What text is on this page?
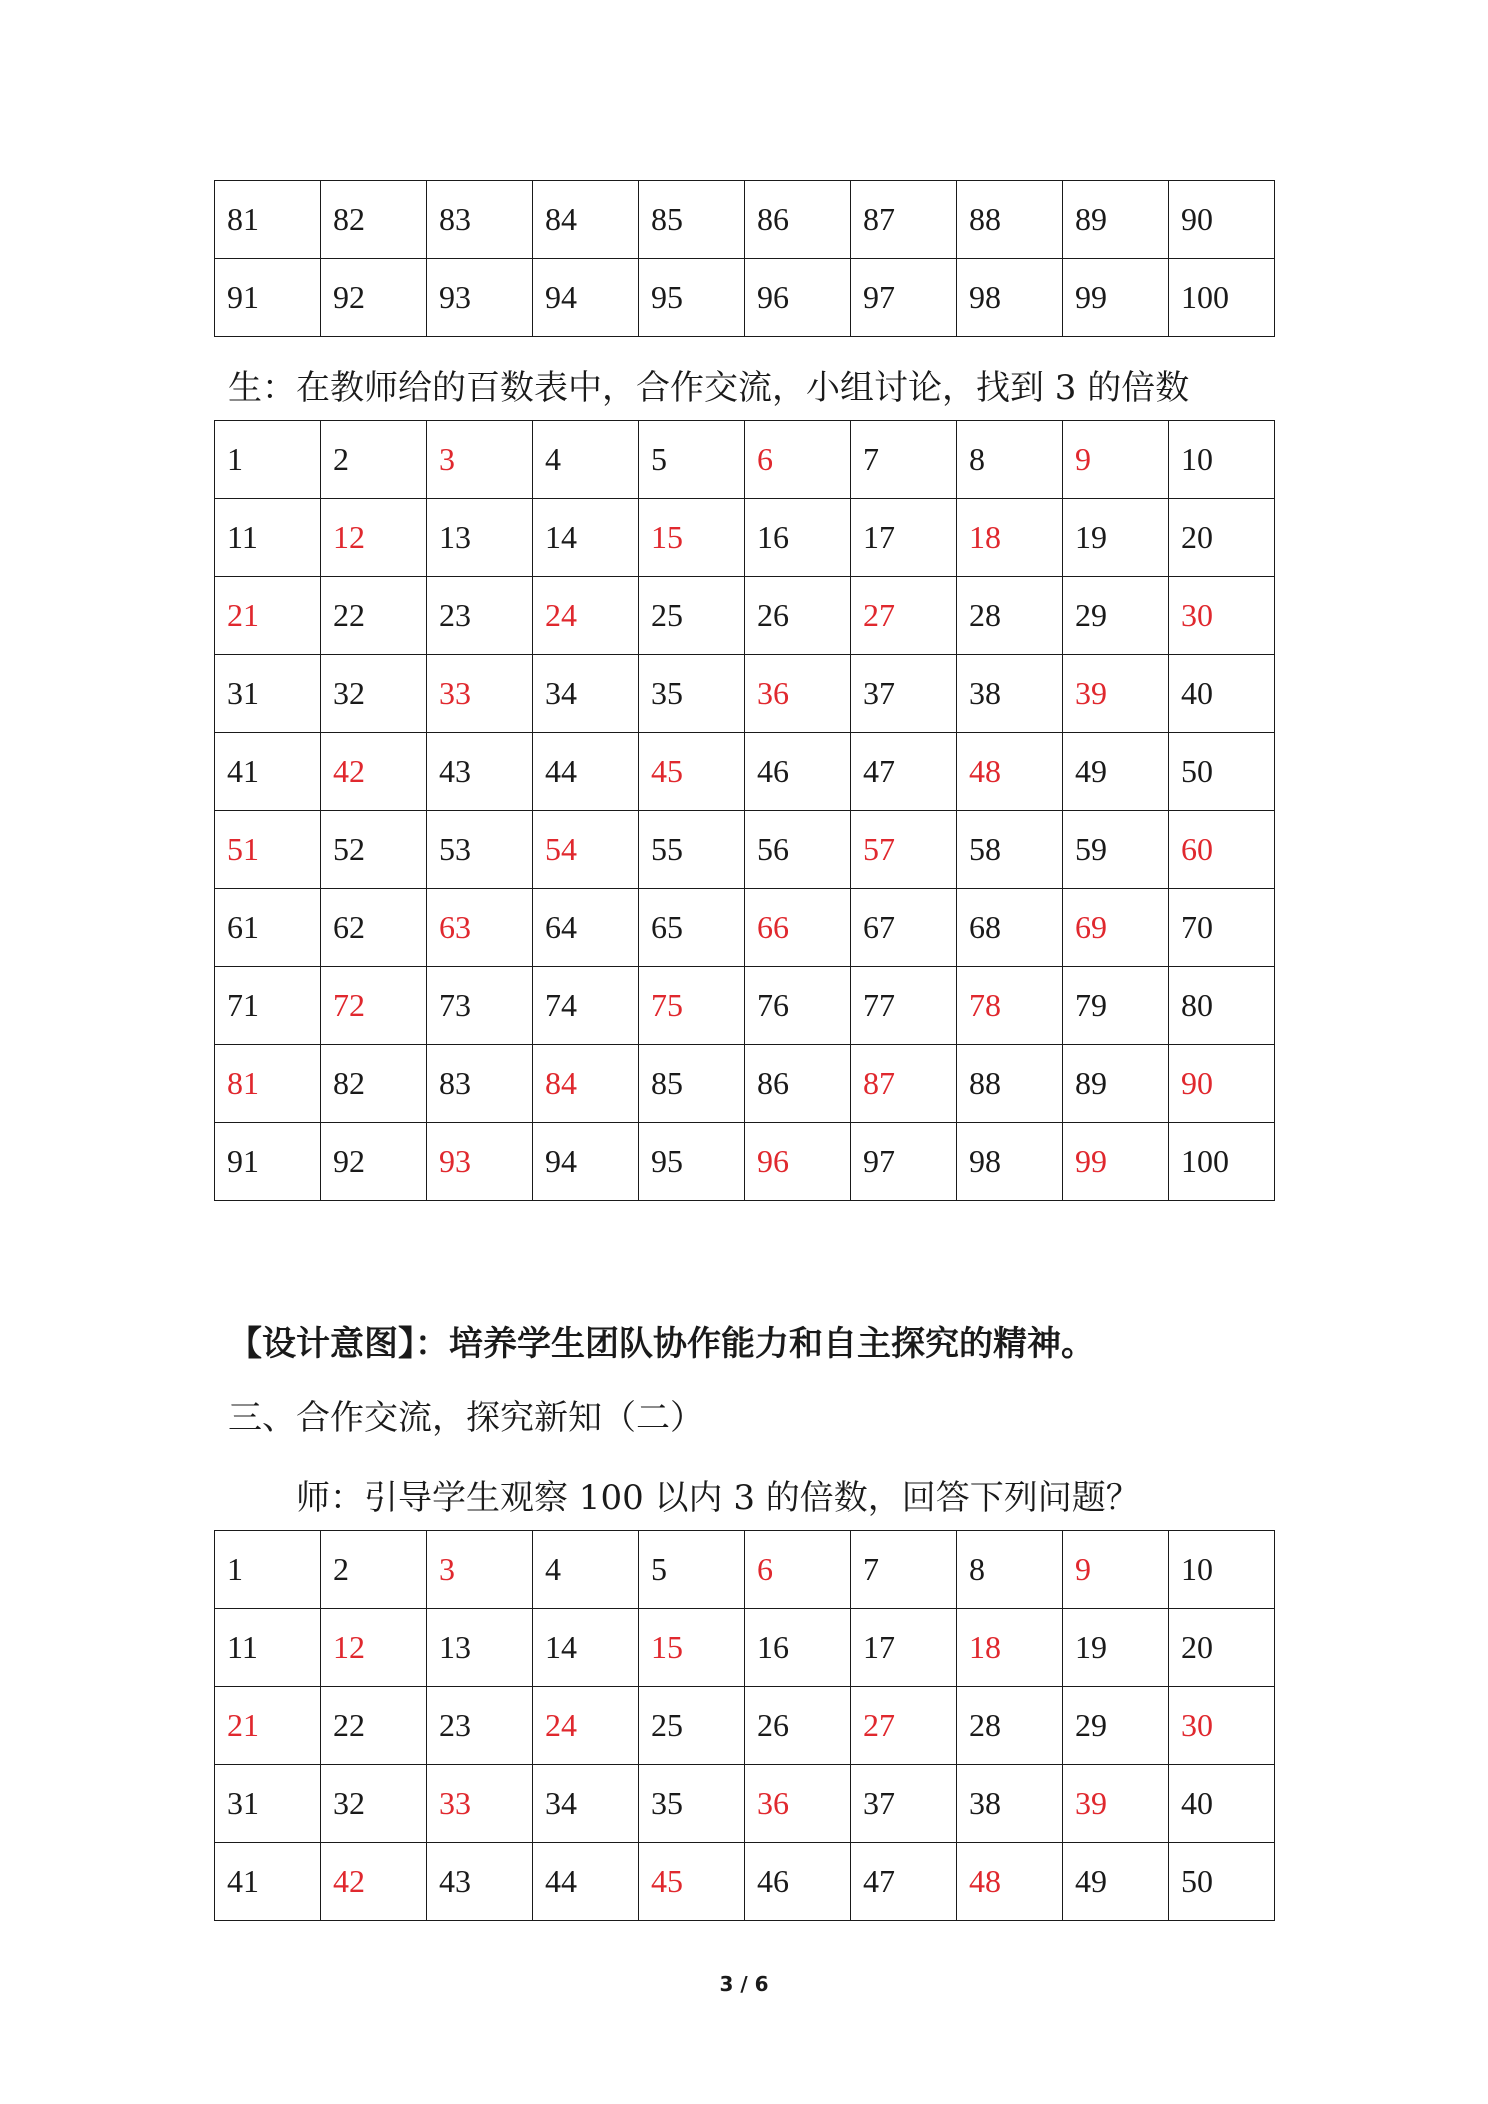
81	82	83	84	85	86	87	88	89	90
91	92	93	94	95	96	97	98	99	100
生：在教师给的百数表中，合作交流，小组讨论，找到 3 的倍数
1	2	3	4	5	6	7	8	9	10
11	12	13	14	15	16	17	18	19	20
21	22	23	24	25	26	27	28	29	30
31	32	33	34	35	36	37	38	39	40
41	42	43	44	45	46	47	48	49	50
51	52	53	54	55	56	57	58	59	60
61	62	63	64	65	66	67	68	69	70
71	72	73	74	75	76	77	78	79	80
81	82	83	84	85	86	87	88	89	90
91	92	93	94	95	96	97	98	99	100
【设计意图】：培养学生团队协作能力和自主探究的精神。
三、合作交流，探究新知（二）
师：引导学生观察 100 以内 3 的倍数，回答下列问题？
1	2	3	4	5	6	7	8	9	10
11	12	13	14	15	16	17	18	19	20
21	22	23	24	25	26	27	28	29	30
31	32	33	34	35	36	37	38	39	40
41	42	43	44	45	46	47	48	49	50
3 / 6
